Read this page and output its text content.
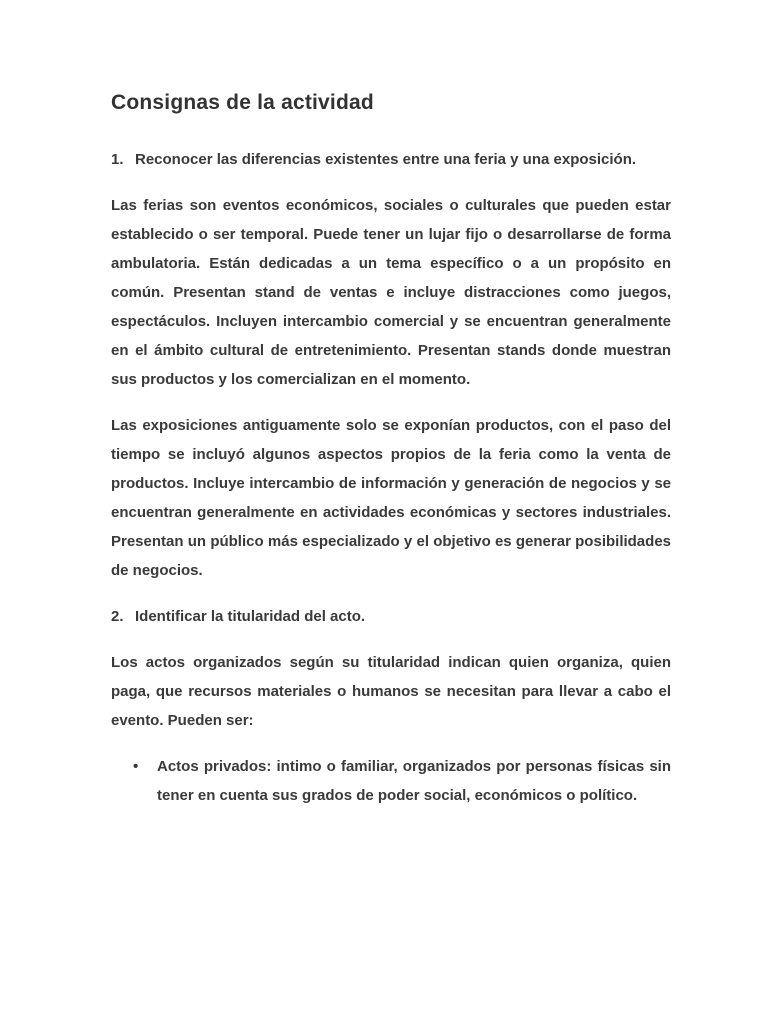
Consignas de la actividad
1. Reconocer las diferencias existentes entre una feria y una exposición.

Las ferias son eventos económicos, sociales o culturales que pueden estar establecido o ser temporal. Puede tener un lujar fijo o desarrollarse de forma ambulatoria. Están dedicadas a un tema específico o a un propósito en común. Presentan stand de ventas e incluye distracciones como juegos, espectáculos. Incluyen intercambio comercial y se encuentran generalmente en el ámbito cultural de entretenimiento. Presentan stands donde muestran sus productos y los comercializan en el momento.

Las exposiciones antiguamente solo se exponían productos, con el paso del tiempo se incluyó algunos aspectos propios de la feria como la venta de productos. Incluye intercambio de información y generación de negocios y se encuentran generalmente en actividades económicas y sectores industriales. Presentan un público más especializado y el objetivo es generar posibilidades de negocios.

2. Identificar la titularidad del acto.

Los actos organizados según su titularidad indican quien organiza, quien paga, que recursos materiales o humanos se necesitan para llevar a cabo el evento. Pueden ser:

• Actos privados: intimo o familiar, organizados por personas físicas sin tener en cuenta sus grados de poder social, económicos o político.
